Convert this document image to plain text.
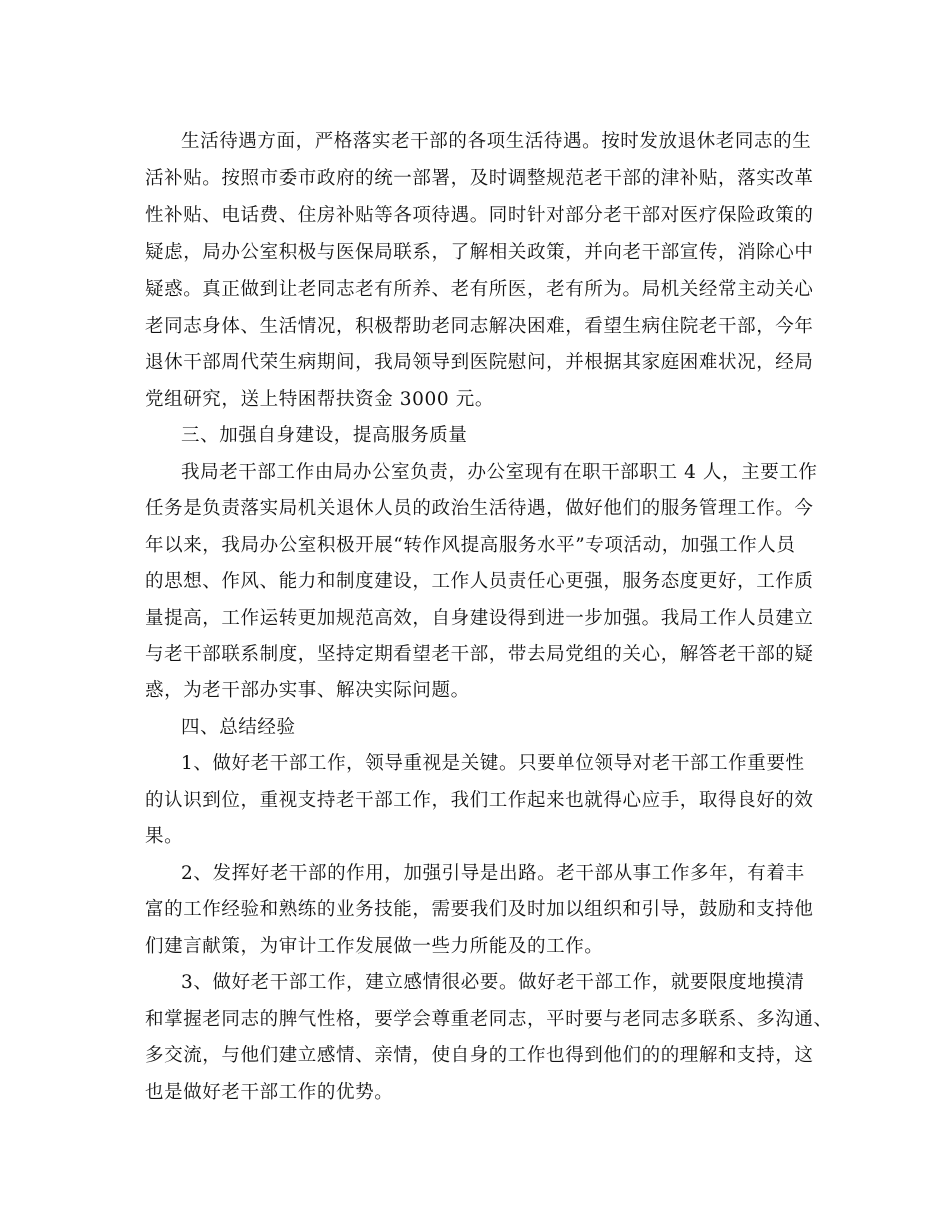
生活待遇方面，严格落实老干部的各项生活待遇。按时发放退休老同志的生
活补贴。按照市委市政府的统一部署，及时调整规范老干部的津补贴，落实改革
性补贴、电话费、住房补贴等各项待遇。同时针对部分老干部对医疗保险政策的
疑虑，局办公室积极与医保局联系，了解相关政策，并向老干部宣传，消除心中
疑惑。真正做到让老同志老有所养、老有所医，老有所为。局机关经常主动关心
老同志身体、生活情况，积极帮助老同志解决困难，看望生病住院老干部，今年
退休干部周代荣生病期间，我局领导到医院慰问，并根据其家庭困难状况，经局
党组研究，送上特困帮扶资金 3000 元。
三、加强自身建设，提高服务质量
我局老干部工作由局办公室负责，办公室现有在职干部职工 4 人，主要工作
任务是负责落实局机关退休人员的政治生活待遇，做好他们的服务管理工作。今
年以来，我局办公室积极开展“转作风提高服务水平”专项活动，加强工作人员
的思想、作风、能力和制度建设，工作人员责任心更强，服务态度更好，工作质
量提高，工作运转更加规范高效，自身建设得到进一步加强。我局工作人员建立
与老干部联系制度，坚持定期看望老干部，带去局党组的关心，解答老干部的疑
惑，为老干部办实事、解决实际问题。
四、总结经验
1、做好老干部工作，领导重视是关键。只要单位领导对老干部工作重要性
的认识到位，重视支持老干部工作，我们工作起来也就得心应手，取得良好的效
果。
2、发挥好老干部的作用，加强引导是出路。老干部从事工作多年，有着丰
富的工作经验和熟练的业务技能，需要我们及时加以组织和引导，鼓励和支持他
们建言献策，为审计工作发展做一些力所能及的工作。
3、做好老干部工作，建立感情很必要。做好老干部工作，就要限度地摸清
和掌握老同志的脾气性格，要学会尊重老同志，平时要与老同志多联系、多沟通、
多交流，与他们建立感情、亲情，使自身的工作也得到他们的的理解和支持，这
也是做好老干部工作的优势。
